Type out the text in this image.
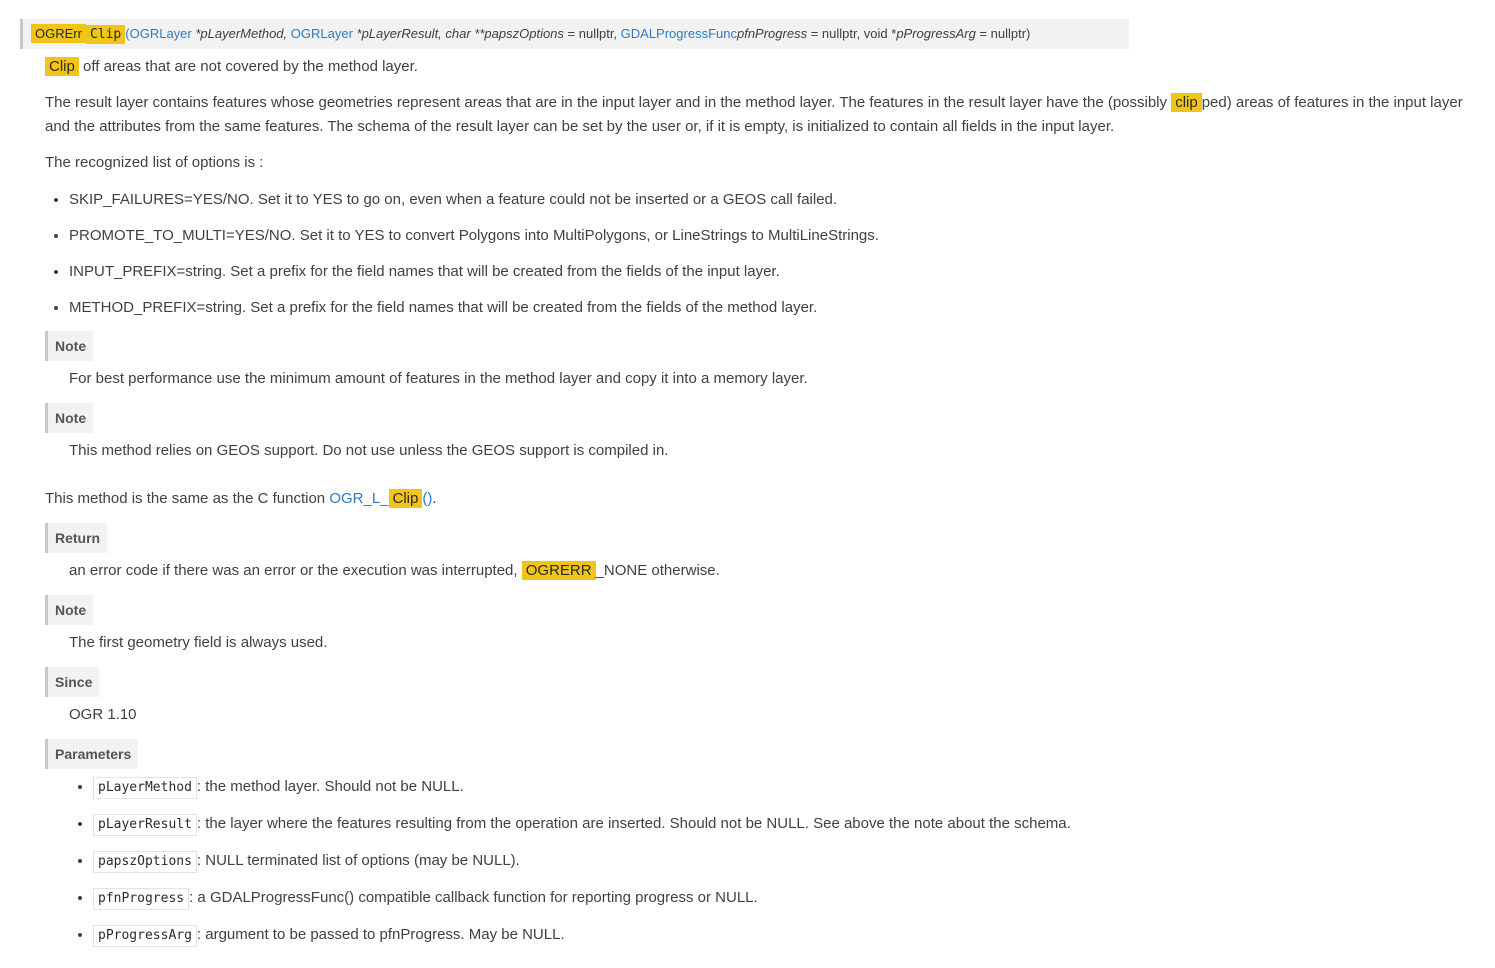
OGRErr Clip (OGRLayer *pLayerMethod, OGRLayer *pLayerResult, char **papszOptions = nullptr, GDALProgressFuncpfnProgress = nullptr, void *pProgressArg = nullptr)
Clip off areas that are not covered by the method layer.
The result layer contains features whose geometries represent areas that are in the input layer and in the method layer. The features in the result layer have the (possibly clip ped) areas of features in the input layer and the attributes from the same features. The schema of the result layer can be set by the user or, if it is empty, is initialized to contain all fields in the input layer.
The recognized list of options is :
• SKIP_FAILURES=YES/NO. Set it to YES to go on, even when a feature could not be inserted or a GEOS call failed.
• PROMOTE_TO_MULTI=YES/NO. Set it to YES to convert Polygons into MultiPolygons, or LineStrings to MultiLineStrings.
• INPUT_PREFIX=string. Set a prefix for the field names that will be created from the fields of the input layer.
• METHOD_PREFIX=string. Set a prefix for the field names that will be created from the fields of the method layer.
Note
For best performance use the minimum amount of features in the method layer and copy it into a memory layer.
Note
This method relies on GEOS support. Do not use unless the GEOS support is compiled in.
This method is the same as the C function OGR_L_ Clip ().
Return
an error code if there was an error or the execution was interrupted, OGRERR _NONE otherwise.
Note
The first geometry field is always used.
Since
OGR 1.10
Parameters
• pLayerMethod : the method layer. Should not be NULL.
• pLayerResult : the layer where the features resulting from the operation are inserted. Should not be NULL. See above the note about the schema.
• papszOptions : NULL terminated list of options (may be NULL).
• pfnProgress : a GDALProgressFunc() compatible callback function for reporting progress or NULL.
• pProgressArg : argument to be passed to pfnProgress. May be NULL.
